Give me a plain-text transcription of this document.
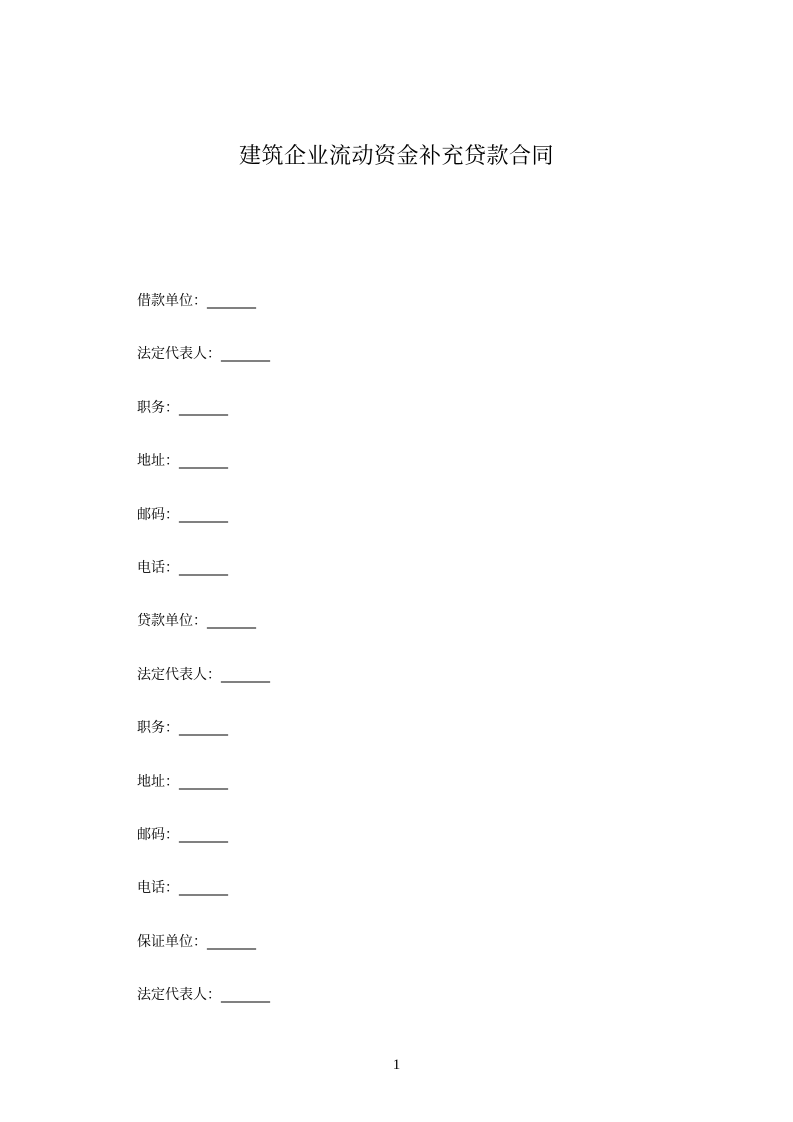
建筑企业流动资金补充贷款合同
借款单位：_______
法定代表人：_______
职务：_______
地址：_______
邮码：_______
电话：_______
贷款单位：_______
法定代表人：_______
职务：_______
地址：_______
邮码：_______
电话：_______
保证单位：_______
法定代表人：_______
1
